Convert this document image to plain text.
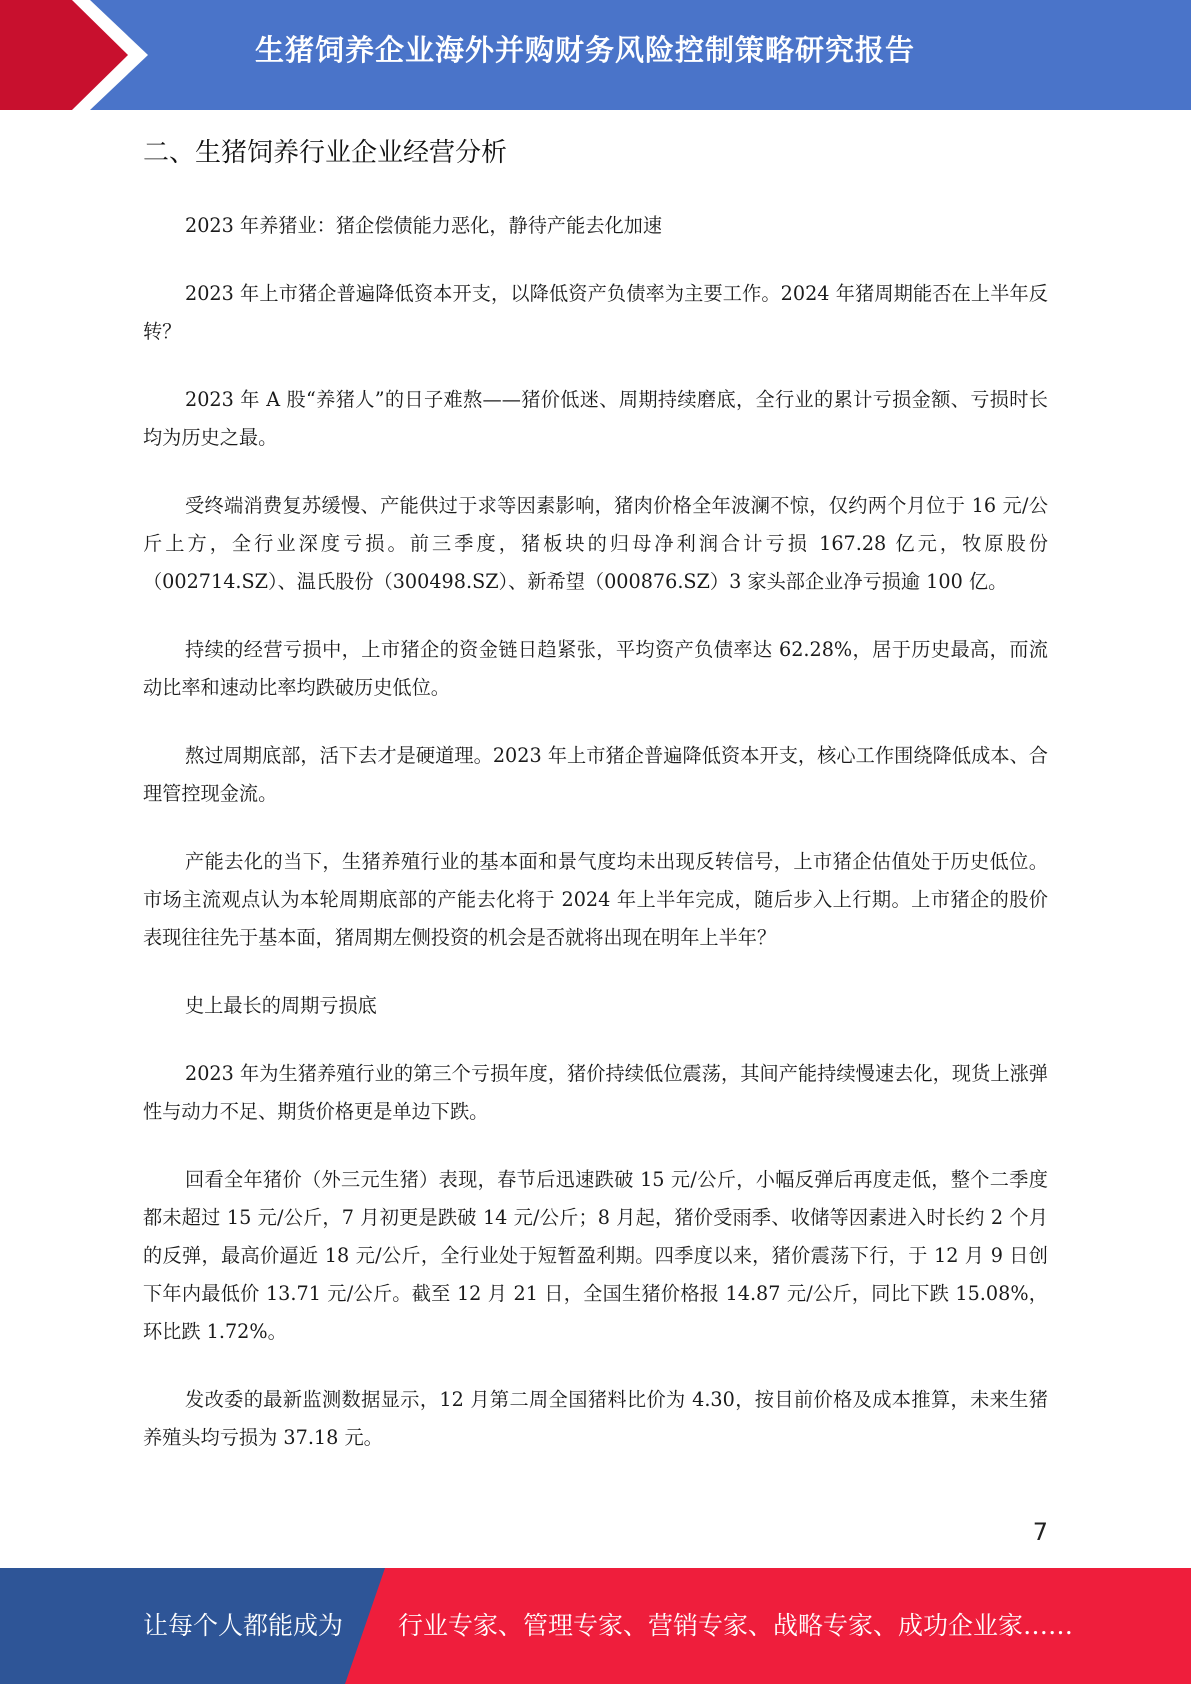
生猪饲养企业海外并购财务风险控制策略研究报告
二、生猪饲养行业企业经营分析

2023 年养猪业：猪企偿债能力恶化，静待产能去化加速

2023 年上市猪企普遍降低资本开支，以降低资产负债率为主要工作。2024 年猪周期能否在上半年反转？

2023 年 A 股“养猪人”的日子难熬——猪价低迷、周期持续磨底，全行业的累计亏损金额、亏损时长均为历史之最。

受终端消费复苏缓慢、产能供过于求等因素影响，猪肉价格全年波澜不惊，仅约两个月位于 16 元/公斤上方，全行业深度亏损。前三季度，猪板块的归母净利润合计亏损 167.28 亿元，牧原股份（002714.SZ）、温氏股份（300498.SZ）、新希望（000876.SZ）3 家头部企业净亏损逾 100 亿。

持续的经营亏损中，上市猪企的资金链日趋紧张，平均资产负债率达 62.28%，居于历史最高，而流动比率和速动比率均跌破历史低位。

熬过周期底部，活下去才是硬道理。2023 年上市猪企普遍降低资本开支，核心工作围绕降低成本、合理管控现金流。

产能去化的当下，生猪养殖行业的基本面和景气度均未出现反转信号，上市猪企估值处于历史低位。市场主流观点认为本轮周期底部的产能去化将于 2024 年上半年完成，随后步入上行期。上市猪企的股价表现往往先于基本面，猪周期左侧投资的机会是否就将出现在明年上半年？

史上最长的周期亏损底

2023 年为生猪养殖行业的第三个亏损年度，猪价持续低位震荡，其间产能持续慢速去化，现货上涨弹性与动力不足、期货价格更是单边下跌。

回看全年猪价（外三元生猪）表现，春节后迅速跌破 15 元/公斤，小幅反弹后再度走低，整个二季度都未超过 15 元/公斤，7 月初更是跌破 14 元/公斤；8 月起，猪价受雨季、收储等因素进入时长约 2 个月的反弹，最高价逼近 18 元/公斤，全行业处于短暂盈利期。四季度以来，猪价震荡下行，于 12 月 9 日创下年内最低价 13.71 元/公斤。截至 12 月 21 日，全国生猪价格报 14.87 元/公斤，同比下跌 15.08%，环比跌 1.72%。

发改委的最新监测数据显示，12 月第二周全国猪料比价为 4.30，按目前价格及成本推算，未来生猪养殖头均亏损为 37.18 元。

7
让每个人都能成为 行业专家、管理专家、营销专家、战略专家、成功企业家……
